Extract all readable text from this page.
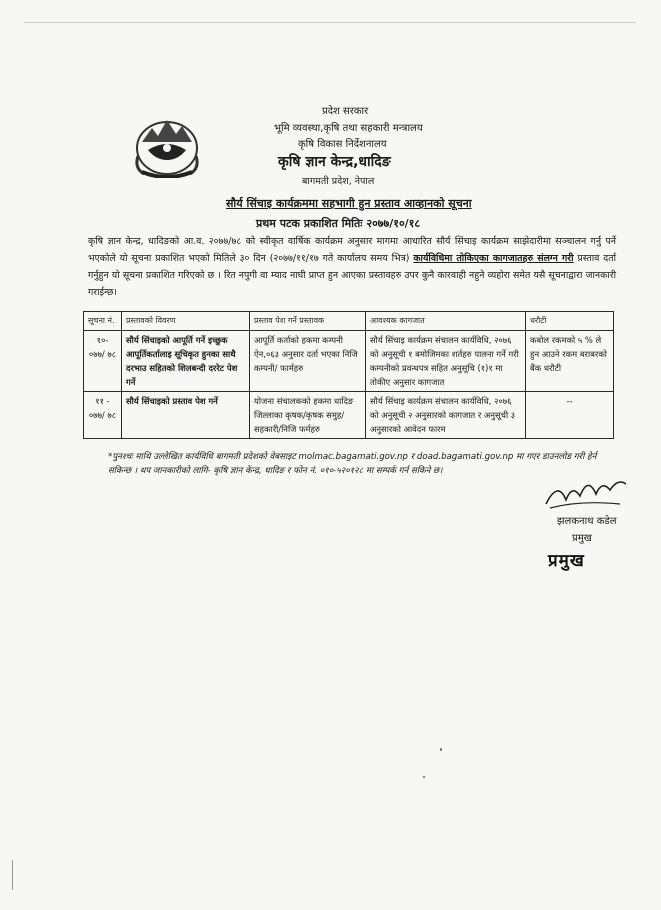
प्रदेश सरकार
भूमि व्यवस्था,कृषि तथा सहकारी मन्त्रालय
कृषि विकास निर्देशनालय
कृषि ज्ञान केन्द्र,धादिङ
बागमती प्रदेश, नेपाल
सौर्य सिंचाइ कार्यक्रममा सहभागी हुन प्रस्ताव आव्हानको सूचना
प्रथम पटक प्रकाशित मितिः २०७७/१०/१८
कृषि ज्ञान केन्द्र, धादिङको आ.व. २०७७/७८ को स्वीकृत वार्षिक कार्यक्रम अनुसार मागमा आधारित सौर्य सिंचाइ कार्यक्रम साझेदारीमा सञ्चालन गर्नु पर्ने भएकोले यो सूचना प्रकाशित भएको मितिले ३० दिन (२०७७/११/१७ गते कार्यालय समय भित्र) कार्यविधिमा तोकिएका कागजातहरु संलग्न गरी प्रस्ताव दर्ता गर्नुहुन यो सूचना प्रकाशित गरिएको छ । रित नपुगी वा म्याद नाघी प्राप्त हुन आएका प्रस्तावहरु उपर कुनै कारवाही नहुने व्यहोरा समेत यसै सूचनाद्वारा जानकारी गराईन्छ।
सूचना नं.	प्रस्तावको विवरण	प्रस्ताव पेश गर्ने प्रस्तावक	आवश्यक कागजात	धरौटी
१०- ०७७/ ७८	सौर्य सिंचाइको आपूर्ति गर्ने इच्छुक आपूर्तिकर्तालाइ सूचिकृत हुनका साथै दरभाउ सहितको शिलबन्दी दररेट पेश गर्ने	आपूर्ति कर्ताको हकमा कम्पनी ऐन,०६३ अनुसार दर्ता भएका निजि कम्पनी/ फार्महरु	सौर्य सिंचाइ कार्यक्रम संचालन कार्यविधि, २०७६ को अनुसूची १ बमोजिमका शर्तहरु पालना गर्ने गरी कम्पनीको प्रवन्धपत्र सहित अनुसूचि (१)१ मा तोकीए अनुसार कागजात	कबोल रकमको ५ % ले हुन आउने रकम बराबरको बैंक धरौटी
११ - ०७७/ ७८	सौर्य सिंचाइको प्रस्ताव पेश गर्ने	योजना संचालकको हकमा धादिङ जिल्लाका कृषक/कृषक समुह/सहकारी/निजि फर्महरु	सौर्य सिंचाइ कार्यक्रम संचालन कार्यविधि, २०७६ को अनुसूची २ अनुसारको कागजात र अनुसूची ३ अनुसारको आवेदन फारम	--
*पुनश्चः माथि उल्लेखित कार्यविधि बागमती प्रदेशको वेबसाइट molmac.bagamati.gov.np र doad.bagamati.gov.np मा गएर डाउनलोड गरी हेर्न सकिन्छ । थप जानकारीको लागि- कृषि ज्ञान केन्द्र, धादिङ र फोन नं. ०१०-५२०१२८ मा सम्पर्क गर्न सकिने छ।
झलकनाथ कडेल
प्रमुख
प्रमुख
